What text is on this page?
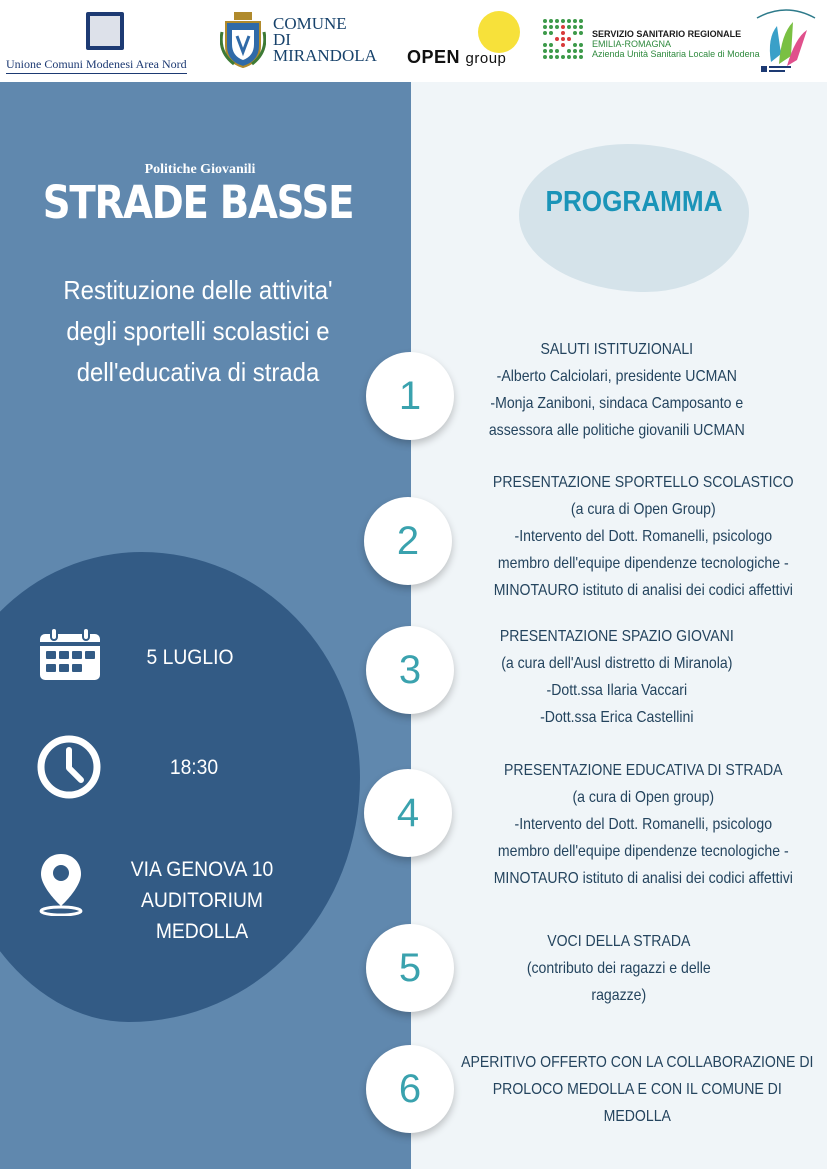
Unione Comuni Modenesi Area Nord
COMUNE
DI
MIRANDOLA OPEN group
SERVIZIO SANITARIO REGIONALE
EMILIA-ROMAGNA
Azienda Unità Sanitaria Locale di Modena
Politiche Giovanili
STRADE BASSE
Restituzione delle attivita'
degli sportelli scolastici e
dell'educativa di strada
5 LUGLIO
18:30
VIA GENOVA 10
AUDITORIUM MEDOLLA
PROGRAMMA
1
2
3
4
5
6
SALUTI ISTITUZIONALI
-Alberto Calciolari, presidente UCMAN
-Monja Zaniboni, sindaca Camposanto e
assessora alle politiche giovanili UCMAN
PRESENTAZIONE SPORTELLO SCOLASTICO
(a cura di Open Group)
-Intervento del Dott. Romanelli, psicologo
membro dell'equipe dipendenze tecnologiche -
MINOTAURO istituto di analisi dei codici affettivi
PRESENTAZIONE SPAZIO GIOVANI
(a cura dell'Ausl distretto di Miranola)
-Dott.ssa Ilaria Vaccari
-Dott.ssa Erica Castellini
PRESENTAZIONE EDUCATIVA DI STRADA
(a cura di Open group)
-Intervento del Dott. Romanelli, psicologo
membro dell'equipe dipendenze tecnologiche -
MINOTAURO istituto di analisi dei codici affettivi
VOCI DELLA STRADA
(contributo dei ragazzi e delle
ragazze)
APERITIVO OFFERTO CON LA COLLABORAZIONE DI
PROLOCO MEDOLLA E CON IL COMUNE DI
MEDOLLA
